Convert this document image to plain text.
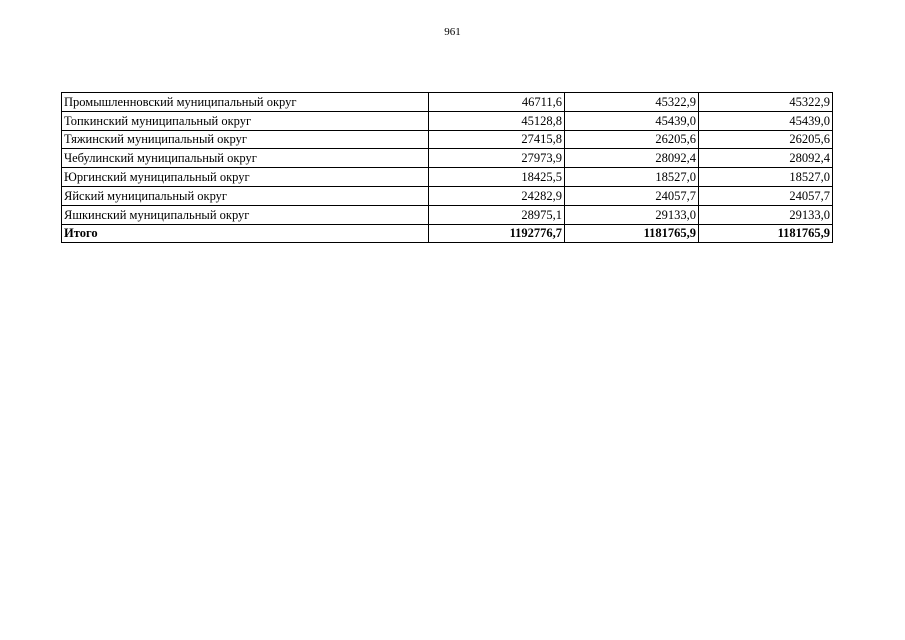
961
Промышленновский муниципальный округ	46711,6	45322,9	45322,9
Топкинский муниципальный округ	45128,8	45439,0	45439,0
Тяжинский муниципальный округ	27415,8	26205,6	26205,6
Чебулинский муниципальный округ	27973,9	28092,4	28092,4
Юргинский муниципальный округ	18425,5	18527,0	18527,0
Яйский муниципальный округ	24282,9	24057,7	24057,7
Яшкинский муниципальный округ	28975,1	29133,0	29133,0
Итого	1192776,7	1181765,9	1181765,9
